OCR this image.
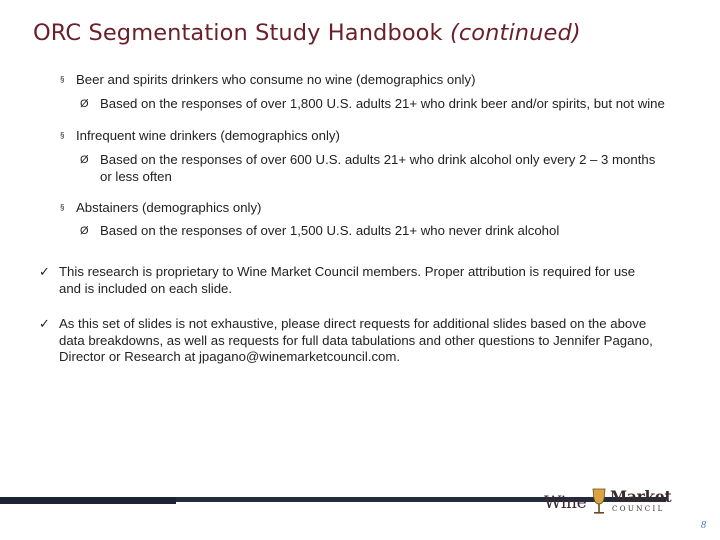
ORC Segmentation Study Handbook (continued)
§ Beer and spirits drinkers who consume no wine (demographics only)
Ø Based on the responses of over 1,800 U.S. adults 21+ who drink beer and/or spirits, but not wine
§ Infrequent wine drinkers (demographics only)
Ø Based on the responses of over 600 U.S. adults 21+ who drink alcohol only every 2 – 3 months
or less often
§ Abstainers (demographics only)
Ø Based on the responses of over 1,500 U.S. adults 21+ who never drink alcohol
✓ This research is proprietary to Wine Market Council members. Proper attribution is required for use
and is included on each slide.
✓ As this set of slides is not exhaustive, please direct requests for additional slides based on the above
data breakdowns, as well as requests for full data tabulations and other questions to Jennifer Pagano,
Director or Research at jpagano@winemarketcouncil.com.
Wine Market
COUNCIL
8
